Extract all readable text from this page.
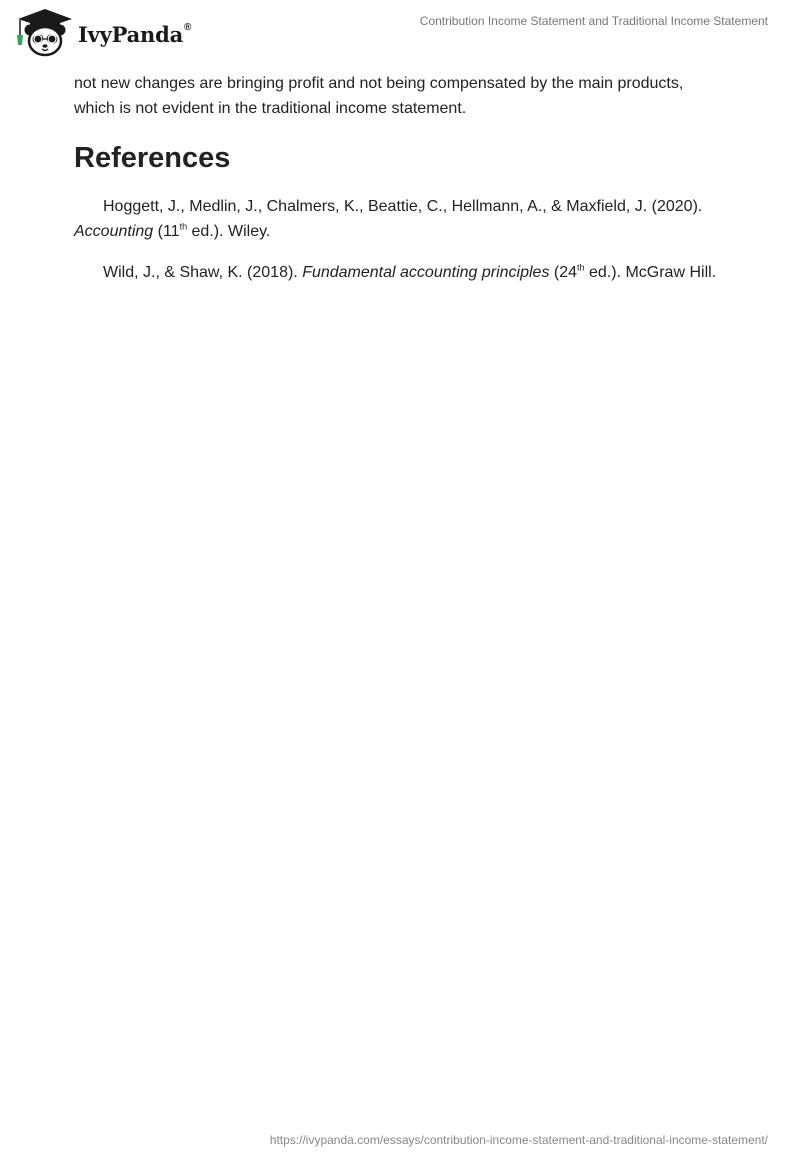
IvyPanda®	Contribution Income Statement and Traditional Income Statement

not new changes are bringing profit and not being compensated by the main products, which is not evident in the traditional income statement.

References

Hoggett, J., Medlin, J., Chalmers, K., Beattie, C., Hellmann, A., & Maxfield, J. (2020). Accounting (11th ed.). Wiley.

Wild, J., & Shaw, K. (2018). Fundamental accounting principles (24th ed.). McGraw Hill.

https://ivypanda.com/essays/contribution-income-statement-and-traditional-income-statement/
